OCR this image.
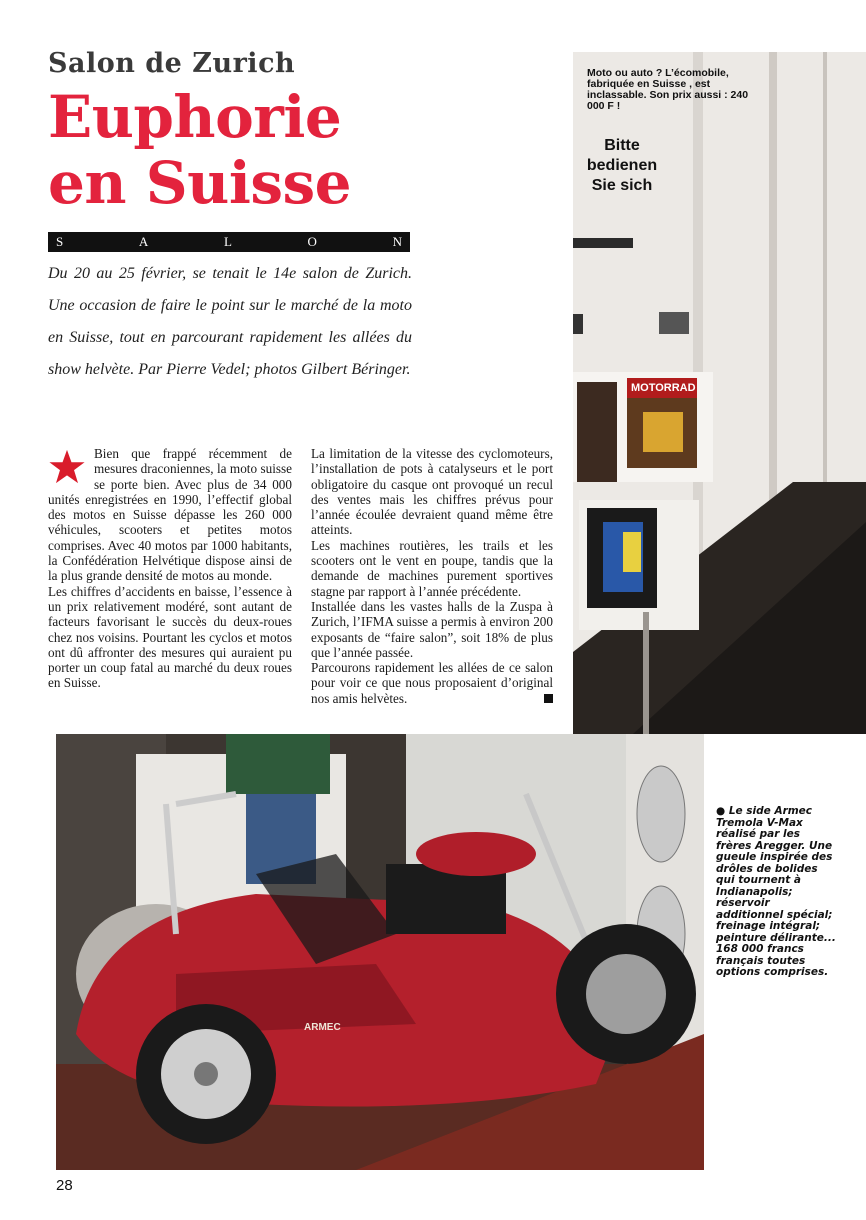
Salon de Zurich
Euphorie
en Suisse
S	A	L	O	N
Du 20 au 25 février, se tenait le 14e salon de Zurich. Une occasion de faire le point sur le marché de la moto en Suisse, tout en parcourant rapidement les allées du show helvète. Par Pierre Vedel; photos Gilbert Béringer.

Bien que frappé récemment de mesures draconiennes, la moto suisse se porte bien. Avec plus de 34 000 unités enregistrées en 1990, l’effectif global des motos en Suisse dépasse les 260 000 véhicules, scooters et petites motos comprises. Avec 40 motos par 1000 habitants, la Confédération Helvétique dispose ainsi de la plus grande densité de motos au monde.

Les chiffres d’accidents en baisse, l’essence à un prix relativement modéré, sont autant de facteurs favorisant le succès du deux-roues chez nos voisins. Pourtant les cyclos et motos ont dû affronter des mesures qui auraient pu porter un coup fatal au marché du deux roues en Suisse.

La limitation de la vitesse des cyclomoteurs, l’installation de pots à catalyseurs et le port obligatoire du casque ont provoqué un recul des ventes mais les chiffres prévus pour l’année écoulée devraient quand même être atteints.

Les machines routières, les trails et les scooters ont le vent en poupe, tandis que la demande de machines purement sportives stagne par rapport à l’année précédente.

Installée dans les vastes halls de la Zuspa à Zurich, l’IFMA suisse a permis à environ 200 exposants de “faire salon”, soit 18% de plus que l’année passée.

Parcourons rapidement les allées de ce salon pour voir ce que nous proposaient d’original nos amis helvètes.

Moto ou auto ? L’écomobile, fabriquée en Suisse , est inclassable. Son prix aussi : 240 000 F !
Bitte
bedienen
Sie sich
MOTORRAD
ARMEC
● Le side Armec Tremola V-Max réalisé par les frères Aregger. Une gueule inspirée des drôles de bolides qui tournent à Indianapolis; réservoir additionnel spécial; freinage intégral; peinture délirante... 168 000 francs français toutes options comprises.
28
